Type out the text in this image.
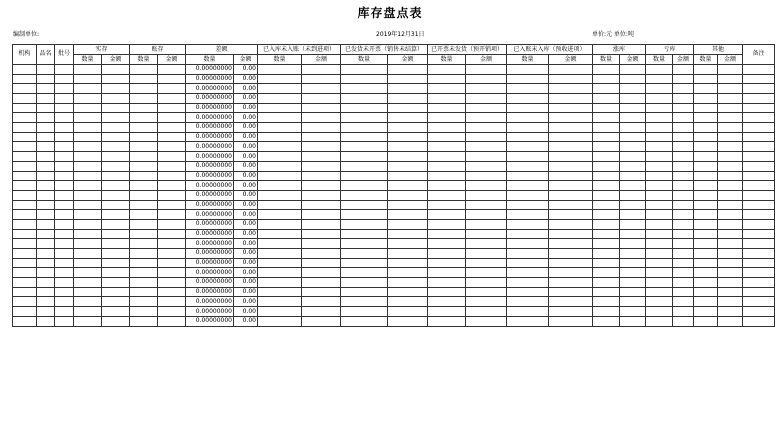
库存盘点表
编制单位:	2019年12月31日	单价:元 单位:吨
机构	品名	批号	实存		账存		差额		已入库未入账（未到进项）		已发货未开票（销售未结算）		已开票未发货（预开销项）		已入账未入库（预收进项）		涨库		亏库		其他		备注
			数量	金额	数量	金额	数量	金额	数量	金额	数量	金额	数量	金额	数量	金额	数量	金额	数量	金额	数量	金额	
							0.00000000	0.00															
							0.00000000	0.00															
							0.00000000	0.00															
							0.00000000	0.00															
							0.00000000	0.00															
							0.00000000	0.00															
							0.00000000	0.00															
							0.00000000	0.00															
							0.00000000	0.00															
							0.00000000	0.00															
							0.00000000	0.00															
							0.00000000	0.00															
							0.00000000	0.00															
							0.00000000	0.00															
							0.00000000	0.00															
							0.00000000	0.00															
							0.00000000	0.00															
							0.00000000	0.00															
							0.00000000	0.00															
							0.00000000	0.00															
							0.00000000	0.00															
							0.00000000	0.00															
							0.00000000	0.00															
							0.00000000	0.00															
							0.00000000	0.00															
							0.00000000	0.00															
							0.00000000	0.00															
